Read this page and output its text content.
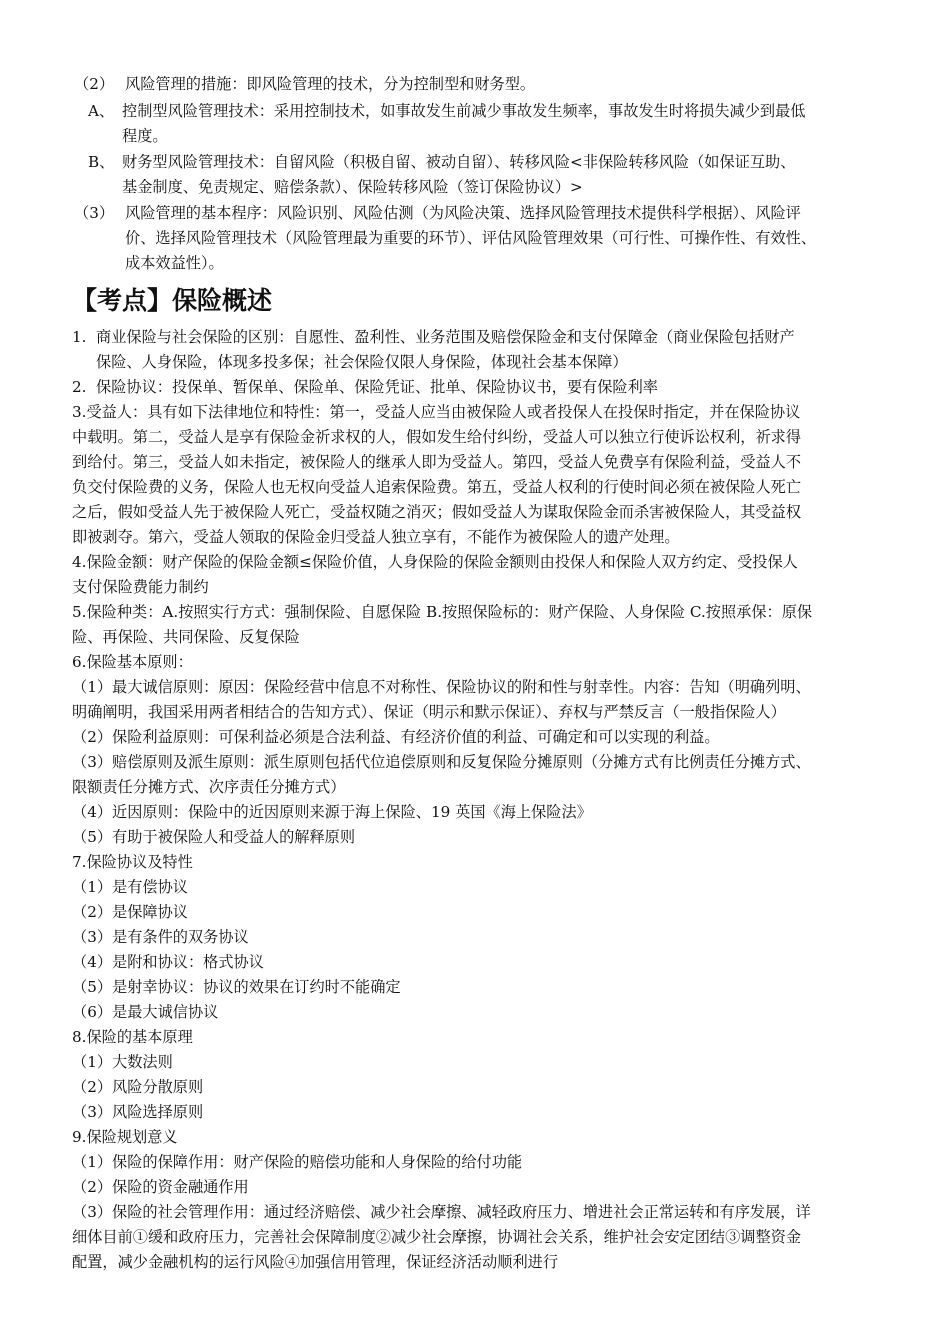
（2） 风险管理的措施：即风险管理的技术，分为控制型和财务型。
A、 控制型风险管理技术：采用控制技术，如事故发生前减少事故发生频率，事故发生时将损失减少到最低
程度。
B、 财务型风险管理技术：自留风险（积极自留、被动自留）、转移风险<非保险转移风险（如保证互助、
基金制度、免责规定、赔偿条款）、保险转移风险（签订保险协议）>
（3） 风险管理的基本程序：风险识别、风险估测（为风险决策、选择风险管理技术提供科学根据）、风险评
价、选择风险管理技术（风险管理最为重要的环节）、评估风险管理效果（可行性、可操作性、有效性、
成本效益性）。
【考点】保险概述
1. 商业保险与社会保险的区别：自愿性、盈利性、业务范围及赔偿保险金和支付保障金（商业保险包括财产
保险、人身保险，体现多投多保；社会保险仅限人身保险，体现社会基本保障）
2. 保险协议：投保单、暂保单、保险单、保险凭证、批单、保险协议书，要有保险利率
3.受益人：具有如下法律地位和特性：第一，受益人应当由被保险人或者投保人在投保时指定，并在保险协议
中载明。第二，受益人是享有保险金祈求权的人，假如发生给付纠纷，受益人可以独立行使诉讼权利，祈求得
到给付。第三，受益人如未指定，被保险人的继承人即为受益人。第四，受益人免费享有保险利益，受益人不
负交付保险费的义务，保险人也无权向受益人追索保险费。第五，受益人权利的行使时间必须在被保险人死亡
之后，假如受益人先于被保险人死亡，受益权随之消灭；假如受益人为谋取保险金而杀害被保险人，其受益权
即被剥夺。第六，受益人领取的保险金归受益人独立享有，不能作为被保险人的遗产处理。
4.保险金额：财产保险的保险金额≤保险价值，人身保险的保险金额则由投保人和保险人双方约定、受投保人
支付保险费能力制约
5.保险种类：A.按照实行方式：强制保险、自愿保险 B.按照保险标的：财产保险、人身保险 C.按照承保：原保
险、再保险、共同保险、反复保险
6.保险基本原则：
（1）最大诚信原则：原因：保险经营中信息不对称性、保险协议的附和性与射幸性。内容：告知（明确列明、
明确阐明，我国采用两者相结合的告知方式）、保证（明示和默示保证）、弃权与严禁反言（一般指保险人）
（2）保险利益原则：可保利益必须是合法利益、有经济价值的利益、可确定和可以实现的利益。
（3）赔偿原则及派生原则：派生原则包括代位追偿原则和反复保险分摊原则（分摊方式有比例责任分摊方式、
限额责任分摊方式、次序责任分摊方式）
（4）近因原则：保险中的近因原则来源于海上保险、19 英国《海上保险法》
（5）有助于被保险人和受益人的解释原则
7.保险协议及特性
（1）是有偿协议
（2）是保障协议
（3）是有条件的双务协议
（4）是附和协议：格式协议
（5）是射幸协议：协议的效果在订约时不能确定
（6）是最大诚信协议
8.保险的基本原理
（1）大数法则
（2）风险分散原则
（3）风险选择原则
9.保险规划意义
（1）保险的保障作用：财产保险的赔偿功能和人身保险的给付功能
（2）保险的资金融通作用
（3）保险的社会管理作用：通过经济赔偿、减少社会摩擦、减轻政府压力、增进社会正常运转和有序发展，详
细体目前①缓和政府压力，完善社会保障制度②减少社会摩擦，协调社会关系，维护社会安定团结③调整资金
配置，减少金融机构的运行风险④加强信用管理，保证经济活动顺利进行
